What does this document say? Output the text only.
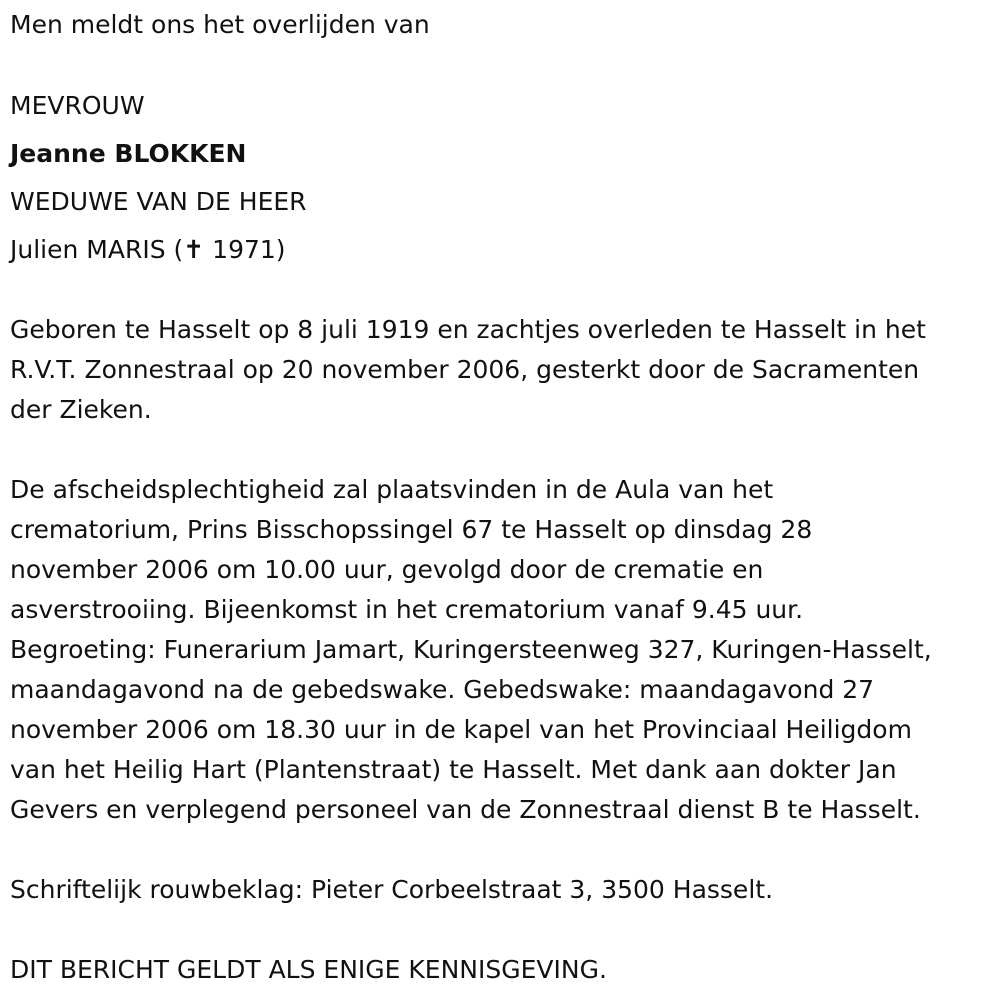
Men meldt ons het overlijden van

MEVROUW

Jeanne BLOKKEN

WEDUWE VAN DE HEER

Julien MARIS (✝ 1971)

Geboren te Hasselt op 8 juli 1919 en zachtjes overleden te Hasselt in het

R.V.T. Zonnestraal op 20 november 2006, gesterkt door de Sacramenten

der Zieken.

De afscheidsplechtigheid zal plaatsvinden in de Aula van het

crematorium, Prins Bisschopssingel 67 te Hasselt op dinsdag 28

november 2006 om 10.00 uur, gevolgd door de crematie en

asverstrooiing. Bijeenkomst in het crematorium vanaf 9.45 uur.

Begroeting: Funerarium Jamart, Kuringersteenweg 327, Kuringen-Hasselt,

maandagavond na de gebedswake. Gebedswake: maandagavond 27

november 2006 om 18.30 uur in de kapel van het Provinciaal Heiligdom

van het Heilig Hart (Plantenstraat) te Hasselt. Met dank aan dokter Jan

Gevers en verplegend personeel van de Zonnestraal dienst B te Hasselt.

Schriftelijk rouwbeklag: Pieter Corbeelstraat 3, 3500 Hasselt.

DIT BERICHT GELDT ALS ENIGE KENNISGEVING.
